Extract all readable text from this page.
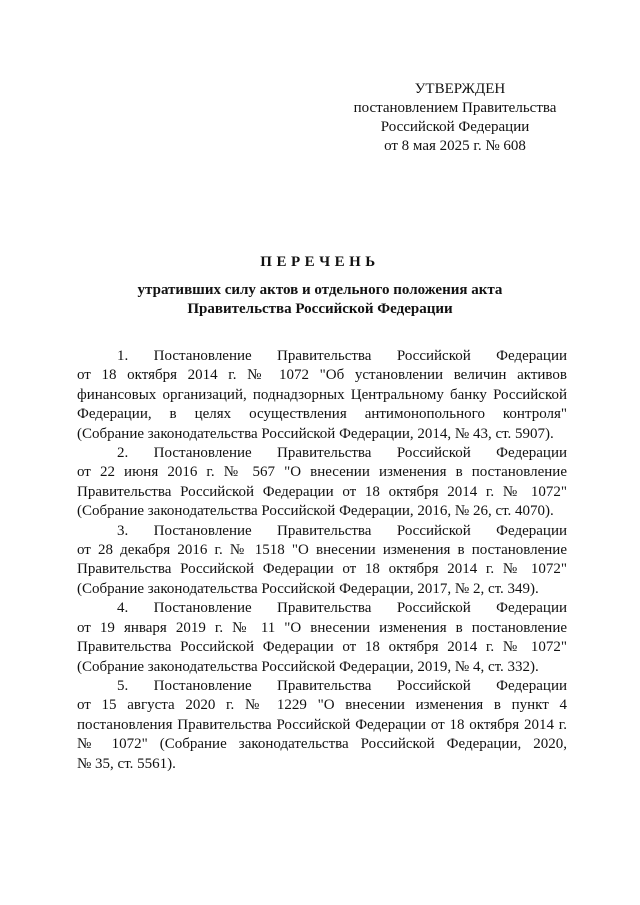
УТВЕРЖДЕН
постановлением Правительства
Российской Федерации
от 8 мая 2025 г. № 608
ПЕРЕЧЕНЬ
утративших силу актов и отдельного положения акта
Правительства Российской Федерации
1. Постановление Правительства Российской Федерации
от 18 октября 2014 г. № 1072 "Об установлении величин активов
финансовых организаций, поднадзорных Центральному банку Российской
Федерации, в целях осуществления антимонопольного контроля"
(Собрание законодательства Российской Федерации, 2014, № 43, ст. 5907).
2. Постановление Правительства Российской Федерации
от 22 июня 2016 г. № 567 "О внесении изменения в постановление
Правительства Российской Федерации от 18 октября 2014 г. № 1072"
(Собрание законодательства Российской Федерации, 2016, № 26, ст. 4070).
3. Постановление Правительства Российской Федерации
от 28 декабря 2016 г. № 1518 "О внесении изменения в постановление
Правительства Российской Федерации от 18 октября 2014 г. № 1072"
(Собрание законодательства Российской Федерации, 2017, № 2, ст. 349).
4. Постановление Правительства Российской Федерации
от 19 января 2019 г. № 11 "О внесении изменения в постановление
Правительства Российской Федерации от 18 октября 2014 г. № 1072"
(Собрание законодательства Российской Федерации, 2019, № 4, ст. 332).
5. Постановление Правительства Российской Федерации
от 15 августа 2020 г. № 1229 "О внесении изменения в пункт 4
постановления Правительства Российской Федерации от 18 октября 2014 г.
№ 1072" (Собрание законодательства Российской Федерации, 2020,
№ 35, ст. 5561).
